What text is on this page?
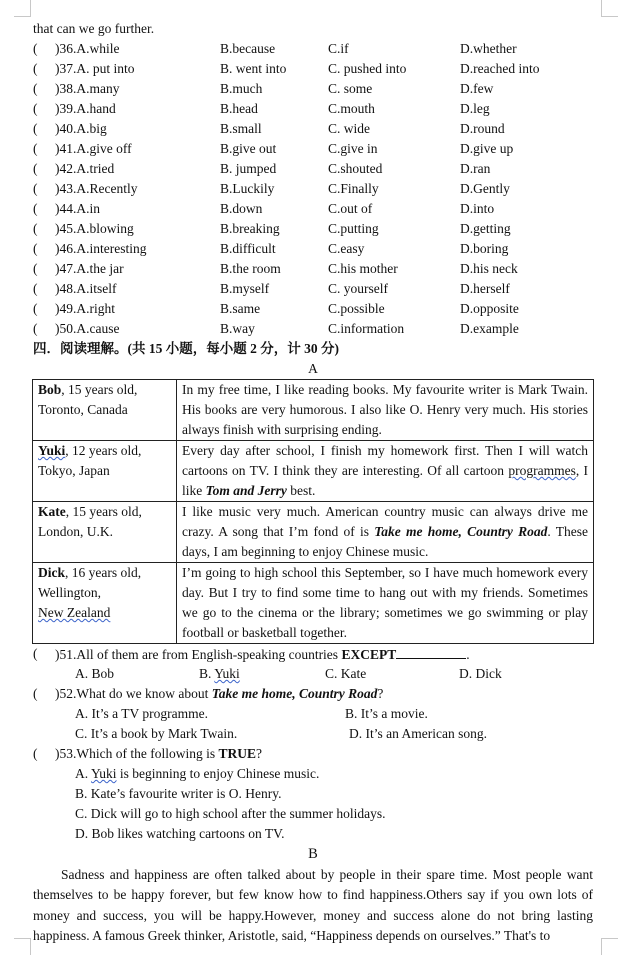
that can we go further.
( )36.A.while	B.because	C.if	D.whether
( )37.A. put into	B. went into	C. pushed into	D.reached into
( )38.A.many	B.much	C. some	D.few
( )39.A.hand	B.head	C.mouth	D.leg
( )40.A.big	B.small	C. wide	D.round
( )41.A.give off	B.give out	C.give in	D.give up
( )42.A.tried	B. jumped	C.shouted	D.ran
( )43.A.Recently	B.Luckily	C.Finally	D.Gently
( )44.A.in	B.down	C.out of	D.into
( )45.A.blowing	B.breaking	C.putting	D.getting
( )46.A.interesting	B.difficult	C.easy	D.boring
( )47.A.the jar	B.the room	C.his mother	D.his neck
( )48.A.itself	B.myself	C. yourself	D.herself
( )49.A.right	B.same	C.possible	D.opposite
( )50.A.cause	B.way	C.information	D.example
四．阅读理解。(共 15 小题，每小题 2 分，计 30 分)
A
Bob, 15 years old, Toronto, Canada	In my free time, I like reading books. My favourite writer is Mark Twain. His books are very humorous. I also like O. Henry very much. His stories always finish with surprising ending.
Yuki, 12 years old, Tokyo, Japan	Every day after school, I finish my homework first. Then I will watch cartoons on TV. I think they are interesting. Of all cartoon programmes, I like Tom and Jerry best.
Kate, 15 years old, London, U.K.	I like music very much. American country music can always drive me crazy. A song that I’m fond of is Take me home, Country Road. These days, I am beginning to enjoy Chinese music.
Dick, 16 years old, Wellington,
New Zealand	I’m going to high school this September, so I have much homework every day. But I try to find some time to hang out with my friends. Sometimes we go to the cinema or the library; sometimes we go swimming or play football or basketball together.
( )51.All of them are from English-speaking countries EXCEPT	.
A. Bob	B. Yuki	C. Kate	D. Dick
( )52.What do we know about Take me home, Country Road?
A. It’s a TV programme.	B. It’s a movie.
C. It’s a book by Mark Twain.	D. It’s an American song.
( )53.Which of the following is TRUE?
A. Yuki is beginning to enjoy Chinese music.
B. Kate’s favourite writer is O. Henry.
C. Dick will go to high school after the summer holidays.
D. Bob likes watching cartoons on TV.
B
Sadness and happiness are often talked about by people in their spare time. Most people want themselves to be happy forever, but few know how to find happiness.Others say if you own lots of money and success, you will be happy.However, money and success alone do not bring lasting happiness. A famous Greek thinker, Aristotle, said, “Happiness depends on ourselves.” That's to
